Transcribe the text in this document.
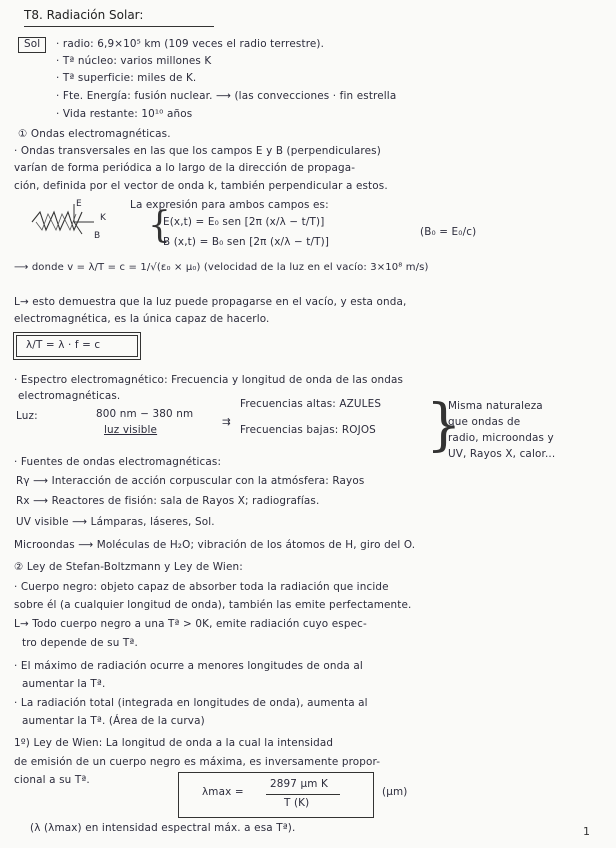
T8. Radiación Solar:
Sol · radio: 6,9×10⁵ km (109 veces el radio terrestre).
· Tª núcleo: varios millones K
· Tª superficie: miles de K.
· Fte. Energía: fusión nuclear. ⟶ (las convecciones · fin estrella
· Vida restante: 10¹⁰ años
① Ondas electromagnéticas.
· Ondas transversales en las que los campos E y B (perpendiculares)
varían de forma periódica a lo largo de la dirección de propaga-
ción, definida por el vector de onda k, también perpendicular a estos.
E
K
B
La expresión para ambos campos es:
{
E(x,t) = E₀ sen [2π (x/λ − t/T)]
B (x,t) = B₀ sen [2π (x/λ − t/T)]
(B₀ = E₀/c)
⟶ donde v = λ/T = c = 1/√(ε₀ × μ₀) (velocidad de la luz en el vacío: 3×10⁸ m/s)
L→ esto demuestra que la luz puede propagarse en el vacío, y esta onda,
electromagnética, es la única capaz de hacerlo.
λ/T = λ · f = c
· Espectro electromagnético: Frecuencia y longitud de onda de las ondas
electromagnéticas.
Luz:	800 nm − 380 nm
luz visible
⇉
Frecuencias altas: AZULES
Frecuencias bajas: ROJOS }
Misma naturaleza
que ondas de
radio, microondas y
UV, Rayos X, calor...
· Fuentes de ondas electromagnéticas:
Rγ ⟶ Interacción de acción corpuscular con la atmósfera: Rayos
Rx ⟶ Reactores de fisión: sala de Rayos X; radiografías.
UV visible ⟶ Lámparas, láseres, Sol.
Microondas ⟶ Moléculas de H₂O; vibración de los átomos de H, giro del O.
② Ley de Stefan-Boltzmann y Ley de Wien:
· Cuerpo negro: objeto capaz de absorber toda la radiación que incide
sobre él (a cualquier longitud de onda), también las emite perfectamente.
L→ Todo cuerpo negro a una Tª > 0K, emite radiación cuyo espec-
tro depende de su Tª.
· El máximo de radiación ocurre a menores longitudes de onda al
aumentar la Tª.
· La radiación total (integrada en longitudes de onda), aumenta al
aumentar la Tª. (Área de la curva)
1º) Ley de Wien: La longitud de onda a la cual la intensidad
de emisión de un cuerpo negro es máxima, es inversamente propor-
cional a su Tª.
λmax =
2897 μm K
T (K)
(μm)
(λ (λmax) en intensidad espectral máx. a esa Tª).	1
